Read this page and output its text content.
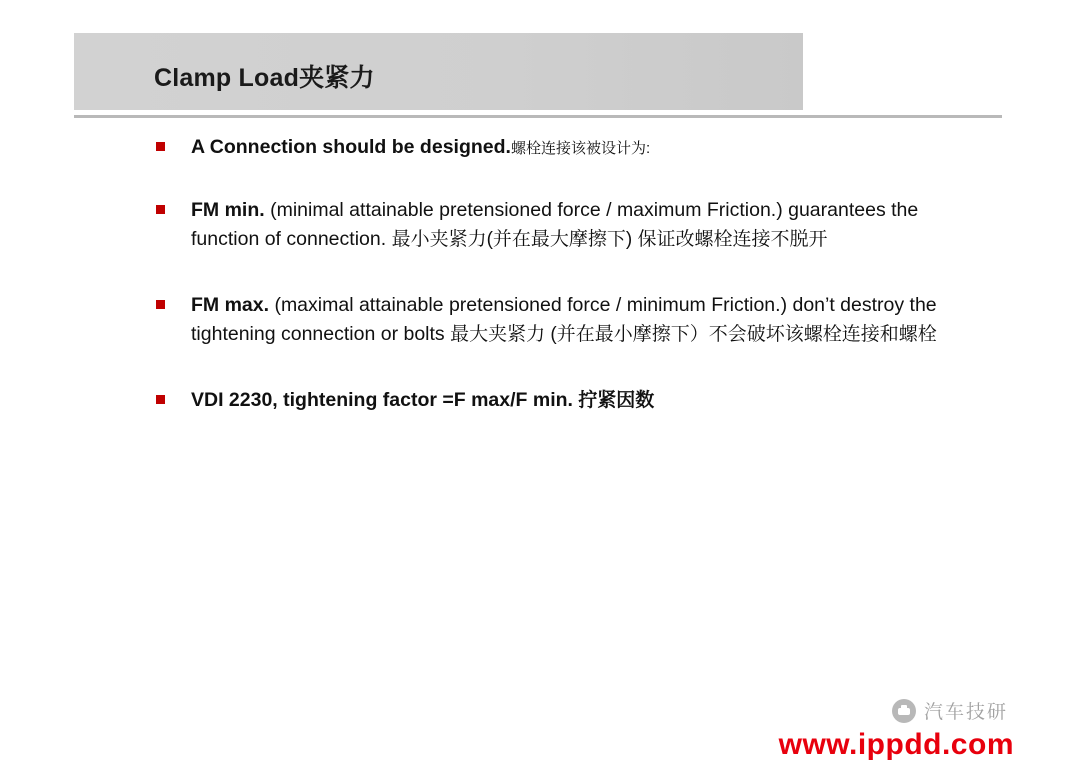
Clamp Load夹紧力
A Connection should be designed.螺栓连接该被设计为:
FM min. (minimal attainable pretensioned force / maximum Friction.) guarantees the function of connection. 最小夹紧力(并在最大摩擦下) 保证改螺栓连接不脱开
FM max. (maximal attainable pretensioned force / minimum Friction.) don’t destroy the tightening connection or bolts 最大夹紧力 (并在最小摩擦下）不会破坏该螺栓连接和螺栓
VDI 2230, tightening factor =F max/F min. 拧紧因数
汽车技研
www.ippdd.com
